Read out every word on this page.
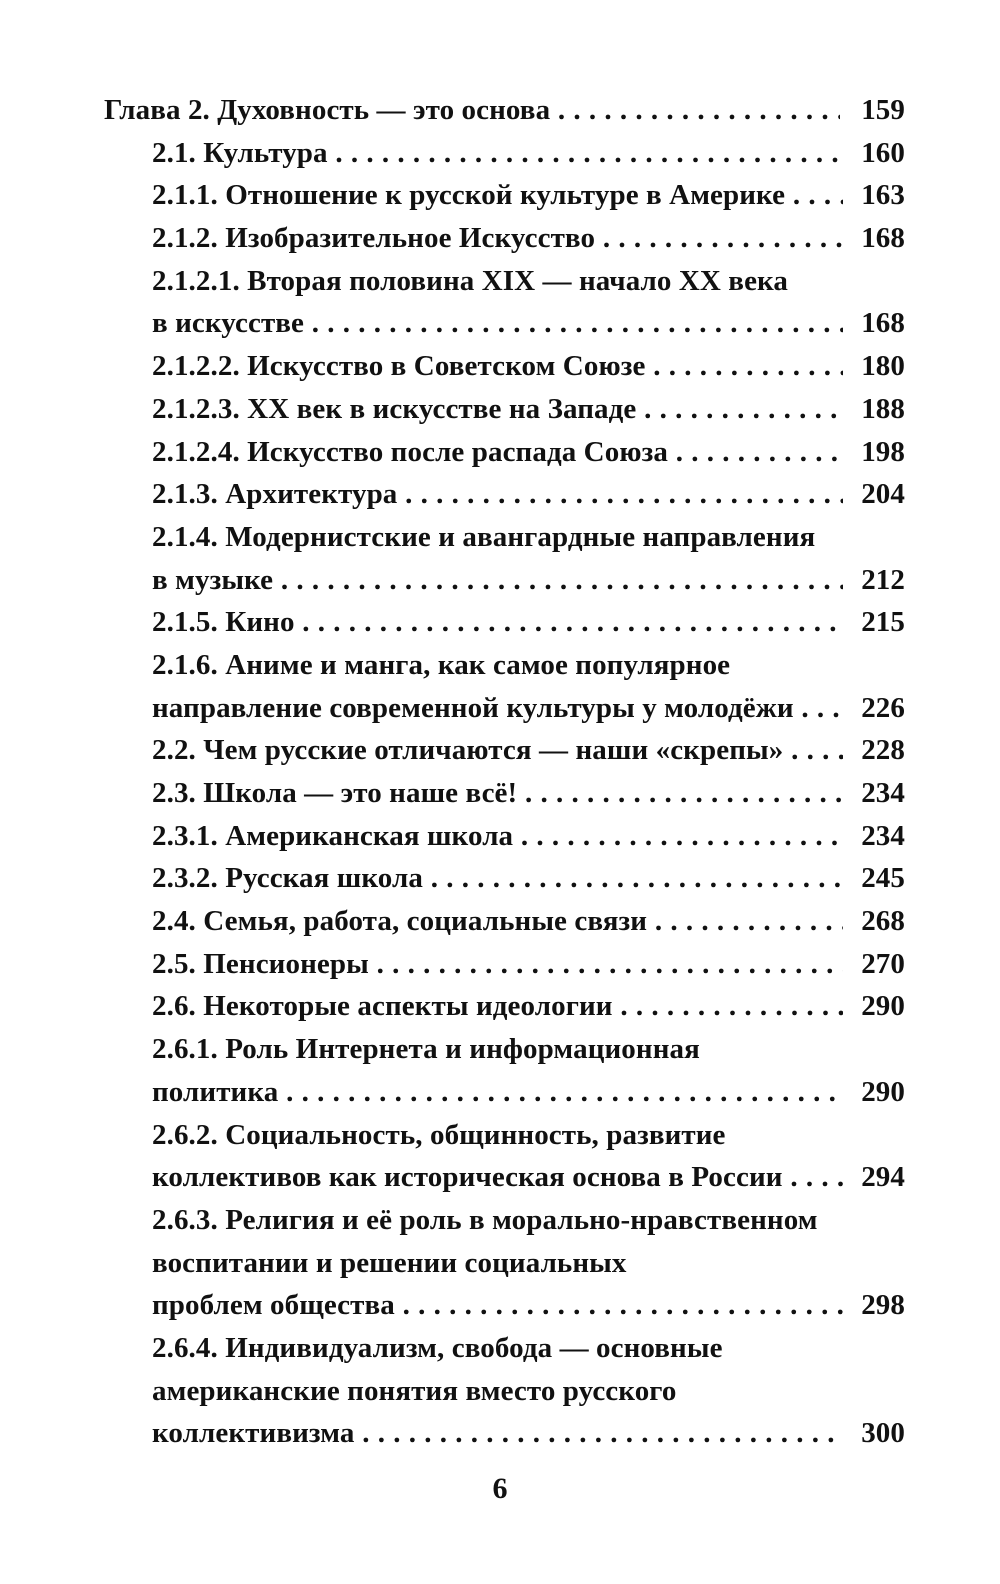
Глава 2. Духовность — это основа . . .	159
2.1. Культура . . .	160
2.1.1. Отношение к русской культуре в Америке . . .	163
2.1.2. Изобразительное Искусство . . .	168
2.1.2.1. Вторая половина XIX — начало XX века
в искусстве . . .	168
2.1.2.2. Искусство в Советском Союзе . . .	180
2.1.2.3. XX век в искусстве на Западе . . .	188
2.1.2.4. Искусство после распада Союза . . .	198
2.1.3. Архитектура . . .	204
2.1.4. Модернистские и авангардные направления
в музыке . . .	212
2.1.5. Кино . . .	215
2.1.6. Аниме и манга, как самое популярное
направление современной культуры у молодёжи . . .	226
2.2. Чем русские отличаются — наши «скрепы» . . .	228
2.3. Школа — это наше всё! . . .	234
2.3.1. Американская школа . . .	234
2.3.2. Русская школа . . .	245
2.4. Семья, работа, социальные связи . . .	268
2.5. Пенсионеры . . .	270
2.6. Некоторые аспекты идеологии . . .	290
2.6.1. Роль Интернета и информационная
политика . . .	290
2.6.2. Социальность, общинность, развитие
коллективов как историческая основа в России . . .	294
2.6.3. Религия и её роль в морально-нравственном
воспитании и решении социальных
проблем общества . . .	298
2.6.4. Индивидуализм, свобода — основные
американские понятия вместо русского
коллективизма . . .	300
6
